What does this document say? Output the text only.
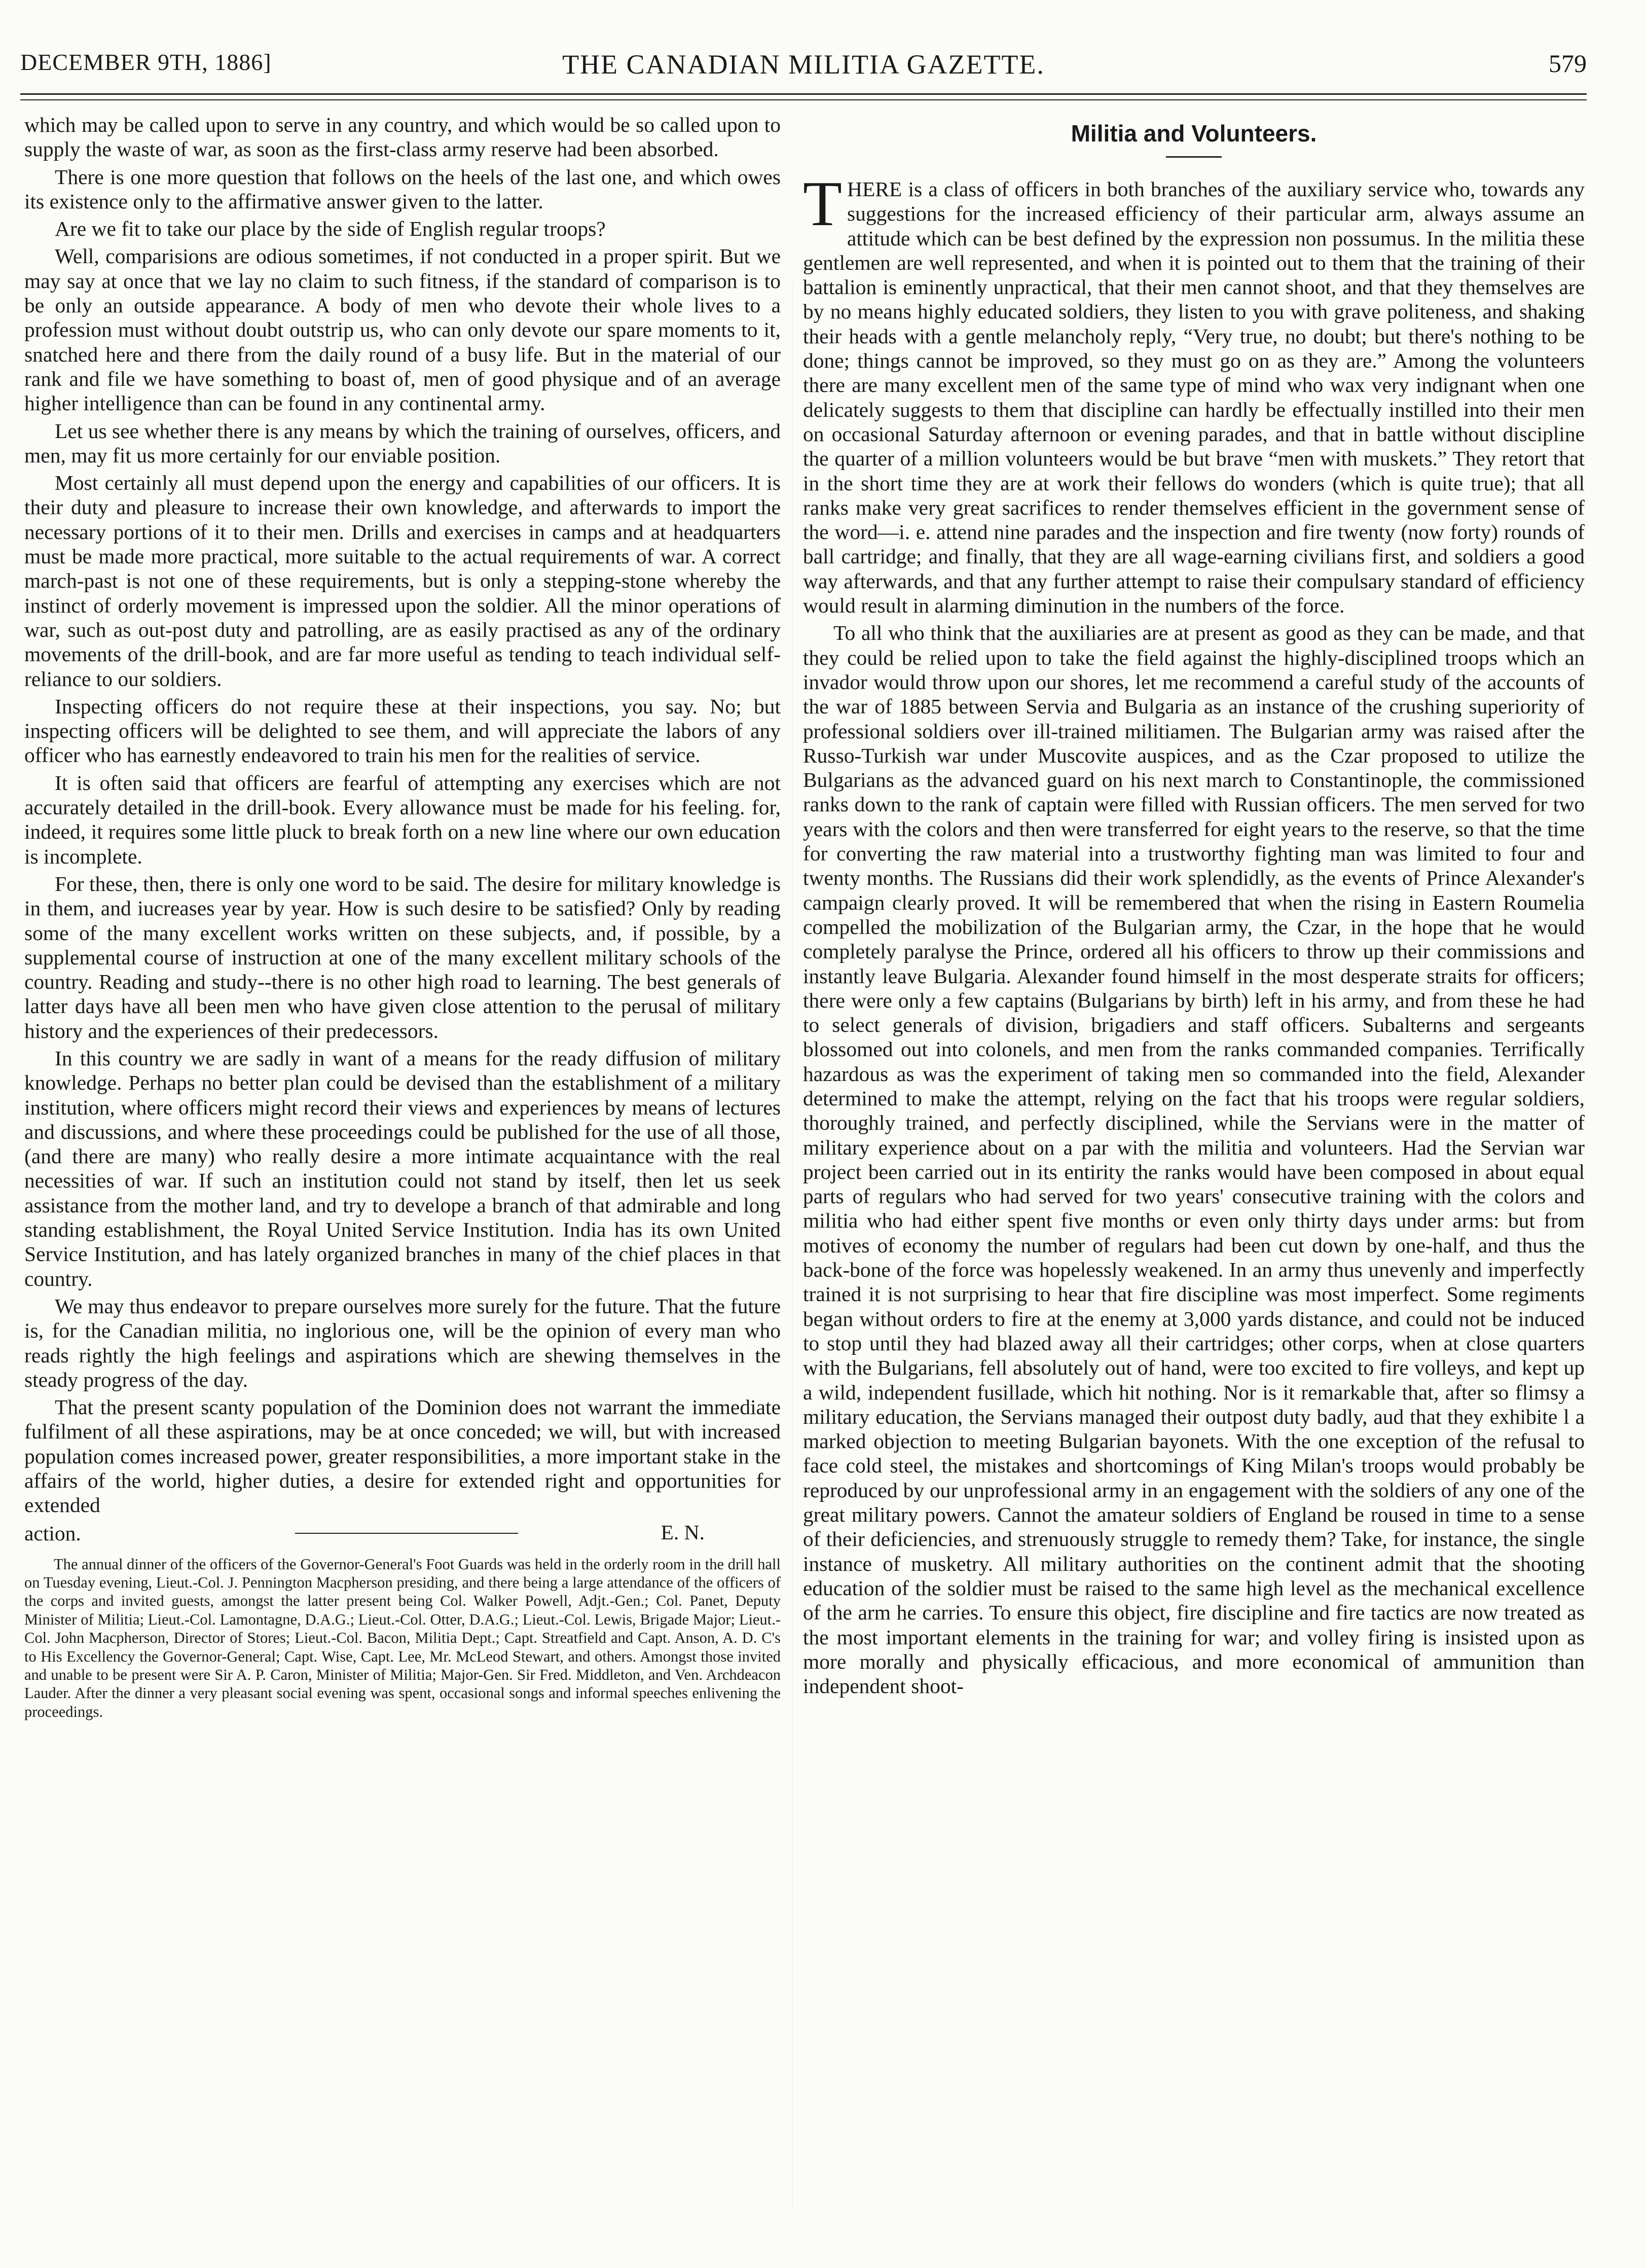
DECEMBER 9TH, 1886]	THE CANADIAN MILITIA GAZETTE.	579

which may be called upon to serve in any country, and which would be so called upon to supply the waste of war, as soon as the first-class army reserve had been absorbed.

There is one more question that follows on the heels of the last one, and which owes its existence only to the affirmative answer given to the latter.

Are we fit to take our place by the side of English regular troops?

Well, comparisions are odious sometimes, if not conducted in a proper spirit. But we may say at once that we lay no claim to such fitness, if the standard of comparison is to be only an outside appearance. A body of men who devote their whole lives to a profession must without doubt outstrip us, who can only devote our spare moments to it, snatched here and there from the daily round of a busy life. But in the material of our rank and file we have something to boast of, men of good physique and of an average higher intelligence than can be found in any continental army.

Let us see whether there is any means by which the training of ourselves, officers, and men, may fit us more certainly for our enviable position.

Most certainly all must depend upon the energy and capabilities of our officers. It is their duty and pleasure to increase their own knowledge, and afterwards to import the necessary portions of it to their men. Drills and exercises in camps and at headquarters must be made more practical, more suitable to the actual requirements of war. A correct march-past is not one of these requirements, but is only a stepping-stone whereby the instinct of orderly movement is impressed upon the soldier. All the minor operations of war, such as out-post duty and patrolling, are as easily practised as any of the ordinary movements of the drill-book, and are far more useful as tending to teach individual self-reliance to our soldiers.

Inspecting officers do not require these at their inspections, you say. No; but inspecting officers will be delighted to see them, and will appreciate the labors of any officer who has earnestly endeavored to train his men for the realities of service.

It is often said that officers are fearful of attempting any exercises which are not accurately detailed in the drill-book. Every allowance must be made for his feeling. for, indeed, it requires some little pluck to break forth on a new line where our own education is incomplete.

For these, then, there is only one word to be said. The desire for military knowledge is in them, and iucreases year by year. How is such desire to be satisfied? Only by reading some of the many excellent works written on these subjects, and, if possible, by a supplemental course of instruction at one of the many excellent military schools of the country. Reading and study--there is no other high road to learning. The best generals of latter days have all been men who have given close attention to the perusal of military history and the experiences of their predecessors.

In this country we are sadly in want of a means for the ready diffusion of military knowledge. Perhaps no better plan could be devised than the establishment of a military institution, where officers might record their views and experiences by means of lectures and discussions, and where these proceedings could be published for the use of all those, (and there are many) who really desire a more intimate acquaintance with the real necessities of war. If such an institution could not stand by itself, then let us seek assistance from the mother land, and try to develope a branch of that admirable and long standing establishment, the Royal United Service Institution. India has its own United Service Institution, and has lately organized branches in many of the chief places in that country.

We may thus endeavor to prepare ourselves more surely for the future. That the future is, for the Canadian militia, no inglorious one, will be the opinion of every man who reads rightly the high feelings and aspirations which are shewing themselves in the steady progress of the day.

That the present scanty population of the Dominion does not warrant the immediate fulfilment of all these aspirations, may be at once conceded; we will, but with increased population comes increased power, greater responsibilities, a more important stake in the affairs of the world, higher duties, a desire for extended right and opportunities for extended

action.	E. N.

The annual dinner of the officers of the Governor-General's Foot Guards was held in the orderly room in the drill hall on Tuesday evening, Lieut.-Col. J. Pennington Macpherson presiding, and there being a large attendance of the officers of the corps and invited guests, amongst the latter present being Col. Walker Powell, Adjt.-Gen.; Col. Panet, Deputy Minister of Militia; Lieut.-Col. Lamontagne, D.A.G.; Lieut.-Col. Otter, D.A.G.; Lieut.-Col. Lewis, Brigade Major; Lieut.-Col. John Macpherson, Director of Stores; Lieut.-Col. Bacon, Militia Dept.; Capt. Streatfield and Capt. Anson, A. D. C's to His Excellency the Governor-General; Capt. Wise, Capt. Lee, Mr. McLeod Stewart, and others. Amongst those invited and unable to be present were Sir A. P. Caron, Minister of Militia; Major-Gen. Sir Fred. Middleton, and Ven. Archdeacon Lauder. After the dinner a very pleasant social evening was spent, occasional songs and informal speeches enlivening the proceedings.

Militia and Volunteers.

THERE is a class of officers in both branches of the auxiliary service who, towards any suggestions for the increased efficiency of their particular arm, always assume an attitude which can be best defined by the expression non possumus. In the militia these gentlemen are well represented, and when it is pointed out to them that the training of their battalion is eminently unpractical, that their men cannot shoot, and that they themselves are by no means highly educated soldiers, they listen to you with grave politeness, and shaking their heads with a gentle melancholy reply, “Very true, no doubt; but there's nothing to be done; things cannot be improved, so they must go on as they are.” Among the volunteers there are many excellent men of the same type of mind who wax very indignant when one delicately suggests to them that discipline can hardly be effectually instilled into their men on occasional Saturday afternoon or evening parades, and that in battle without discipline the quarter of a million volunteers would be but brave “men with muskets.” They retort that in the short time they are at work their fellows do wonders (which is quite true); that all ranks make very great sacrifices to render themselves efficient in the government sense of the word—i. e. attend nine parades and the inspection and fire twenty (now forty) rounds of ball cartridge; and finally, that they are all wage-earning civilians first, and soldiers a good way afterwards, and that any further attempt to raise their compulsary standard of efficiency would result in alarming diminution in the numbers of the force.

To all who think that the auxiliaries are at present as good as they can be made, and that they could be relied upon to take the field against the highly-disciplined troops which an invador would throw upon our shores, let me recommend a careful study of the accounts of the war of 1885 between Servia and Bulgaria as an instance of the crushing superiority of professional soldiers over ill-trained militiamen. The Bulgarian army was raised after the Russo-Turkish war under Muscovite auspices, and as the Czar proposed to utilize the Bulgarians as the advanced guard on his next march to Constantinople, the commissioned ranks down to the rank of captain were filled with Russian officers. The men served for two years with the colors and then were transferred for eight years to the reserve, so that the time for converting the raw material into a trustworthy fighting man was limited to four and twenty months. The Russians did their work splendidly, as the events of Prince Alexander's campaign clearly proved. It will be remembered that when the rising in Eastern Roumelia compelled the mobilization of the Bulgarian army, the Czar, in the hope that he would completely paralyse the Prince, ordered all his officers to throw up their commissions and instantly leave Bulgaria. Alexander found himself in the most desperate straits for officers; there were only a few captains (Bulgarians by birth) left in his army, and from these he had to select generals of division, brigadiers and staff officers. Subalterns and sergeants blossomed out into colonels, and men from the ranks commanded companies. Terrifically hazardous as was the experiment of taking men so commanded into the field, Alexander determined to make the attempt, relying on the fact that his troops were regular soldiers, thoroughly trained, and perfectly disciplined, while the Servians were in the matter of military experience about on a par with the militia and volunteers. Had the Servian war project been carried out in its entirity the ranks would have been composed in about equal parts of regulars who had served for two years' consecutive training with the colors and militia who had either spent five months or even only thirty days under arms: but from motives of economy the number of regulars had been cut down by one-half, and thus the back-bone of the force was hopelessly weakened. In an army thus unevenly and imperfectly trained it is not surprising to hear that fire discipline was most imperfect. Some regiments began without orders to fire at the enemy at 3,000 yards distance, and could not be induced to stop until they had blazed away all their cartridges; other corps, when at close quarters with the Bulgarians, fell absolutely out of hand, were too excited to fire volleys, and kept up a wild, independent fusillade, which hit nothing. Nor is it remarkable that, after so flimsy a military education, the Servians managed their outpost duty badly, aud that they exhibite l a marked objection to meeting Bulgarian bayonets. With the one exception of the refusal to face cold steel, the mistakes and shortcomings of King Milan's troops would probably be reproduced by our unprofessional army in an engagement with the soldiers of any one of the great military powers. Cannot the amateur soldiers of England be roused in time to a sense of their deficiencies, and strenuously struggle to remedy them? Take, for instance, the single instance of musketry. All military authorities on the continent admit that the shooting education of the soldier must be raised to the same high level as the mechanical excellence of the arm he carries. To ensure this object, fire discipline and fire tactics are now treated as the most important elements in the training for war; and volley firing is insisted upon as more morally and physically efficacious, and more economical of ammunition than independent shoot-
